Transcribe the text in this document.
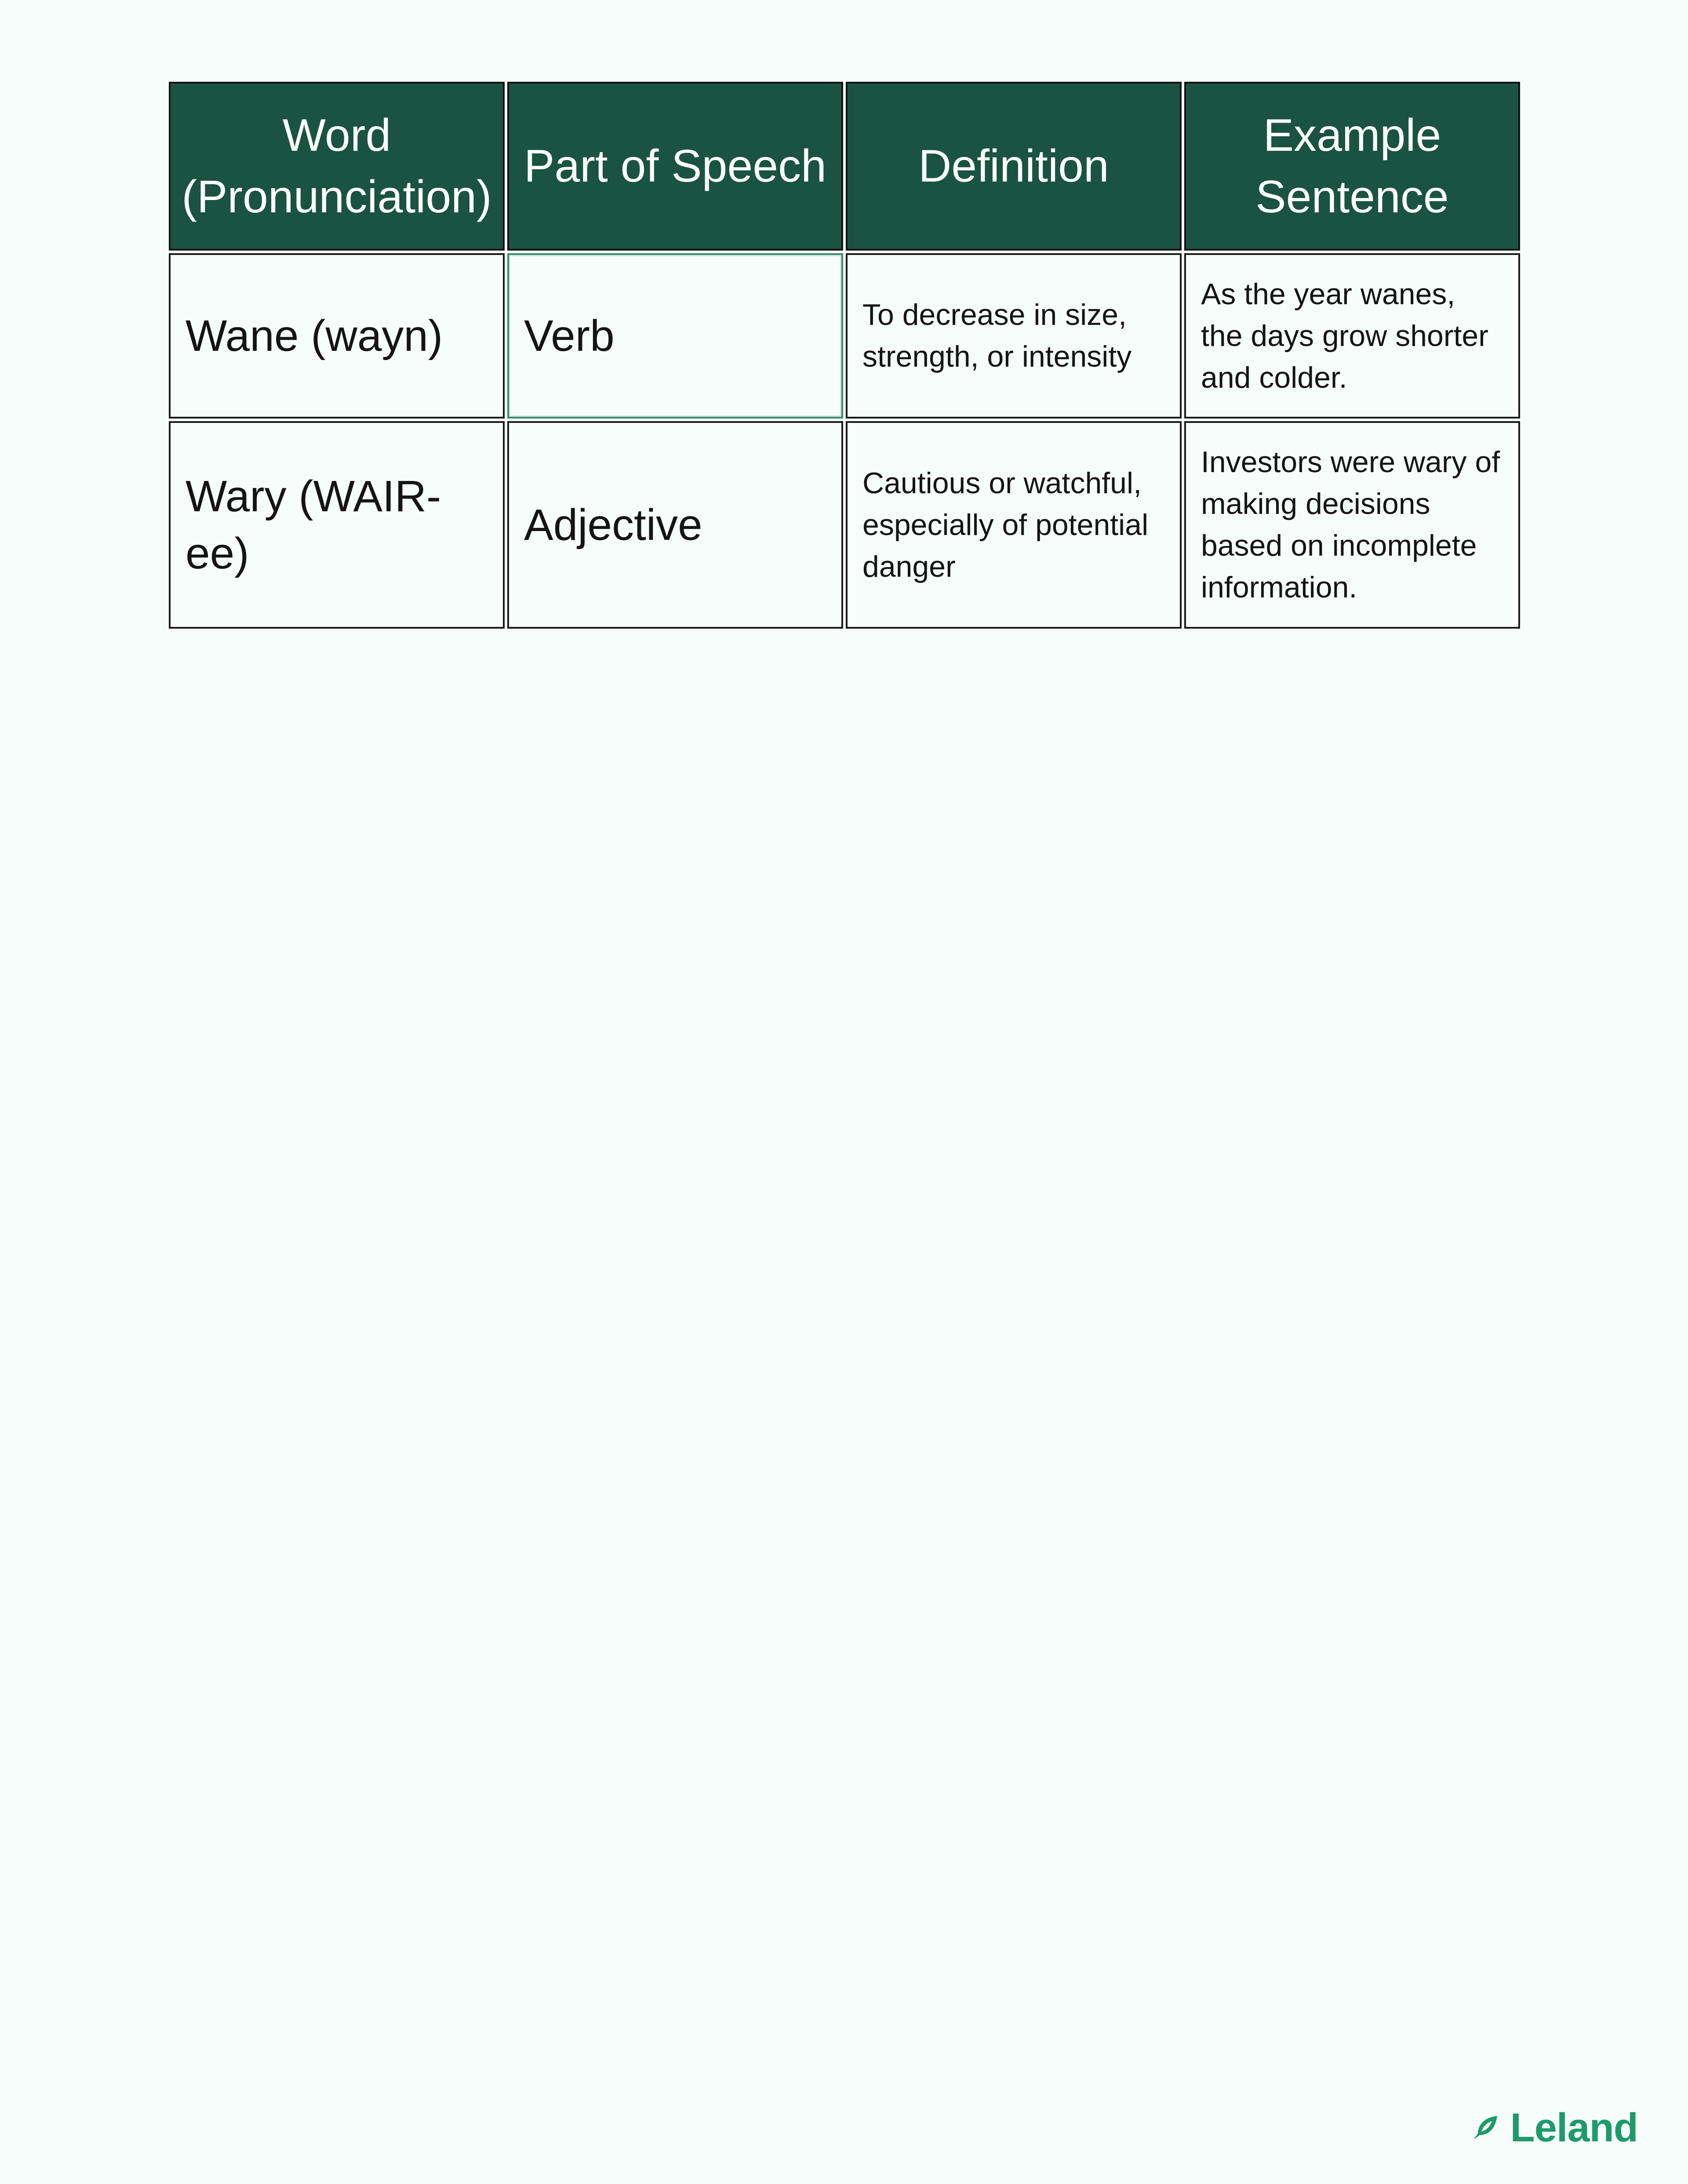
Word (Pronunciation)
Part of Speech Definition
Example Sentence
Wane (wayn) Verb	To decrease in size, strength, or intensity
As the year wanes, the days grow shorter and colder.
Wary (WAIR-ee)
Adjective
Cautious or watchful, especially of potential danger
Investors were wary of making decisions based on incomplete information.
Leland
